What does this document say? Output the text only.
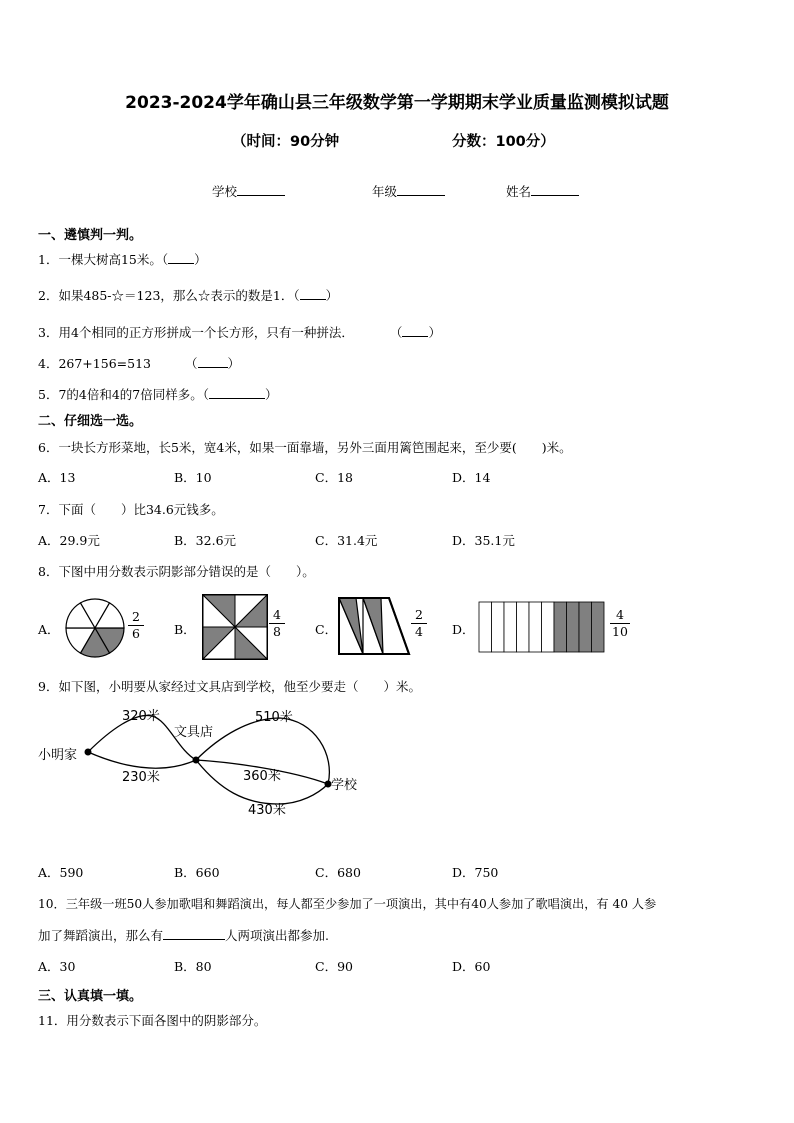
2023-2024学年确山县三年级数学第一学期期末学业质量监测模拟试题
（时间：90分钟	分数：100分）
学校	年级	姓名
一、遴慎判一判。
1．一棵大树高15米。（ ）
2．如果485-☆＝123，那么☆表示的数是1．（ ）
3．用4个相同的正方形拼成一个长方形，只有一种拼法．	（ ）
4．267+156=513	（ ）
5．7的4倍和4的7倍同样多。（	）
二、仔细选一选。
6．一块长方形菜地，长5米，宽4米，如果一面靠墙，另外三面用篱笆围起来，至少要(　　)米。
A．13	B．10	C．18	D．14
7．下面（　　）比34.6元钱多。
A．29.9元	B．32.6元	C．31.4元	D．35.1元
8．下图中用分数表示阴影部分错误的是（　　）。
A．
2
6	B．
4
8	C．
2
4	D．
4
10
9．如下图，小明要从家经过文具店到学校，他至少要走（　　）米。
小明家
文具店
学校
320米
230米
510米
360米
430米
A．590	B．660	C．680	D．750
10．三年级一班50人参加歌唱和舞蹈演出，每人都至少参加了一项演出，其中有40人参加了歌唱演出，有 40 人参
加了舞蹈演出，那么有	人两项演出都参加.
A．30	B．80	C．90	D．60
三、认真填一填。
11．用分数表示下面各图中的阴影部分。
